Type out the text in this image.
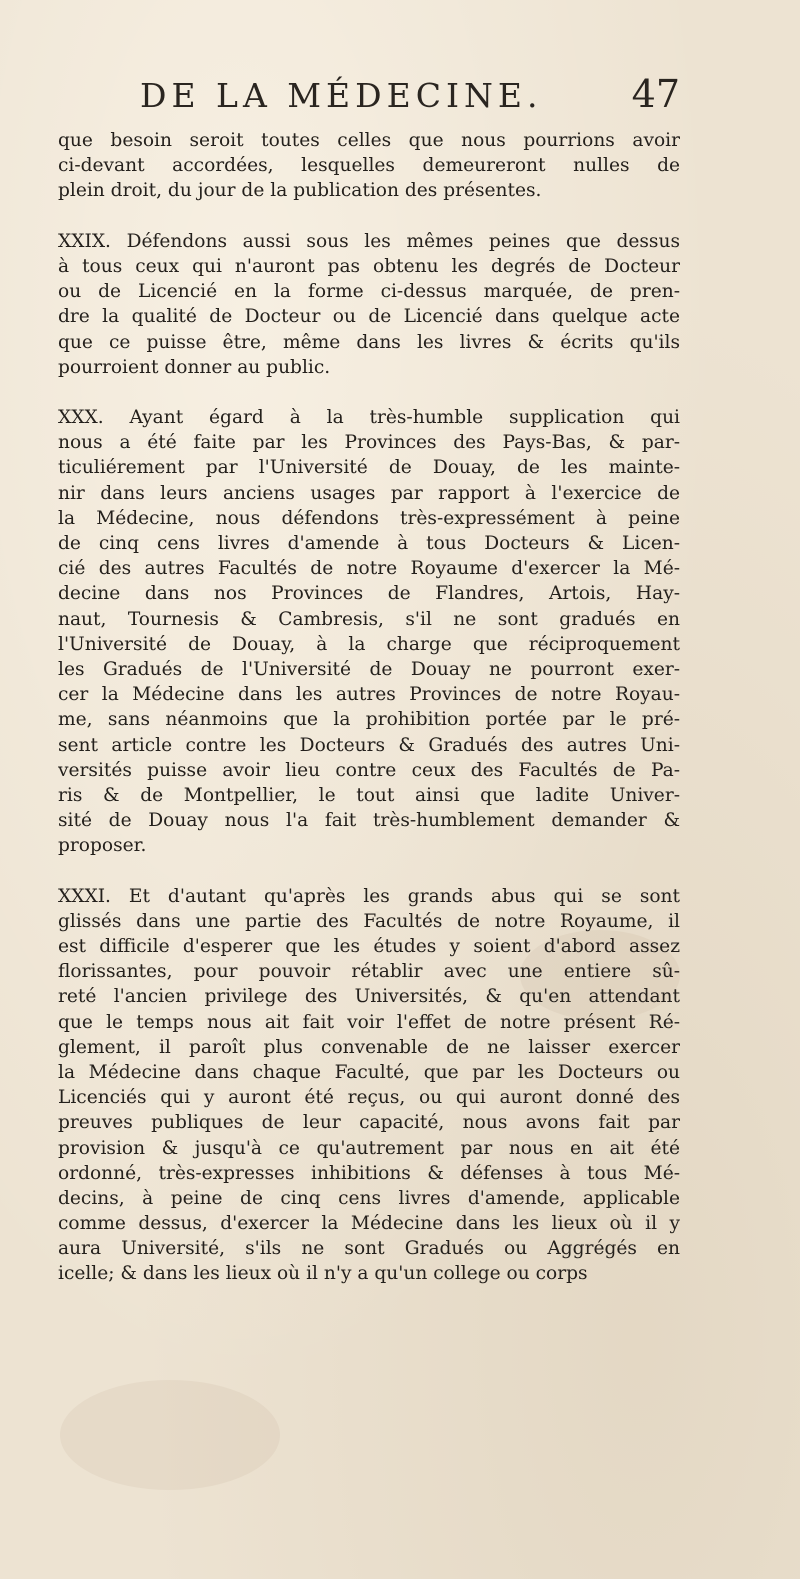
DE LA MÉDECINE. 47
que besoin seroit toutes celles que nous pourrions avoir
ci-devant accordées, lesquelles demeureront nulles de
plein droit, du jour de la publication des présentes.
XXIX. Défendons aussi sous les mêmes peines que dessus
à tous ceux qui n'auront pas obtenu les degrés de Docteur
ou de Licencié en la forme ci-dessus marquée, de pren-
dre la qualité de Docteur ou de Licencié dans quelque acte
que ce puisse être, même dans les livres & écrits qu'ils
pourroient donner au public.
XXX. Ayant égard à la très-humble supplication qui
nous a été faite par les Provinces des Pays-Bas, & par-
ticuliérement par l'Université de Douay, de les mainte-
nir dans leurs anciens usages par rapport à l'exercice de
la Médecine, nous défendons très-expressément à peine
de cinq cens livres d'amende à tous Docteurs & Licen-
cié des autres Facultés de notre Royaume d'exercer la Mé-
decine dans nos Provinces de Flandres, Artois, Hay-
naut, Tournesis & Cambresis, s'il ne sont gradués en
l'Université de Douay, à la charge que réciproquement
les Gradués de l'Université de Douay ne pourront exer-
cer la Médecine dans les autres Provinces de notre Royau-
me, sans néanmoins que la prohibition portée par le pré-
sent article contre les Docteurs & Gradués des autres Uni-
versités puisse avoir lieu contre ceux des Facultés de Pa-
ris & de Montpellier, le tout ainsi que ladite Univer-
sité de Douay nous l'a fait très-humblement demander &
proposer.
XXXI. Et d'autant qu'après les grands abus qui se sont
glissés dans une partie des Facultés de notre Royaume, il
est difficile d'esperer que les études y soient d'abord assez
florissantes, pour pouvoir rétablir avec une entiere sû-
reté l'ancien privilege des Universités, & qu'en attendant
que le temps nous ait fait voir l'effet de notre présent Ré-
glement, il paroît plus convenable de ne laisser exercer
la Médecine dans chaque Faculté, que par les Docteurs ou
Licenciés qui y auront été reçus, ou qui auront donné des
preuves publiques de leur capacité, nous avons fait par
provision & jusqu'à ce qu'autrement par nous en ait été
ordonné, très-expresses inhibitions & défenses à tous Mé-
decins, à peine de cinq cens livres d'amende, applicable
comme dessus, d'exercer la Médecine dans les lieux où il y
aura Université, s'ils ne sont Gradués ou Aggrégés en
icelle; & dans les lieux où il n'y a qu'un college ou corps
